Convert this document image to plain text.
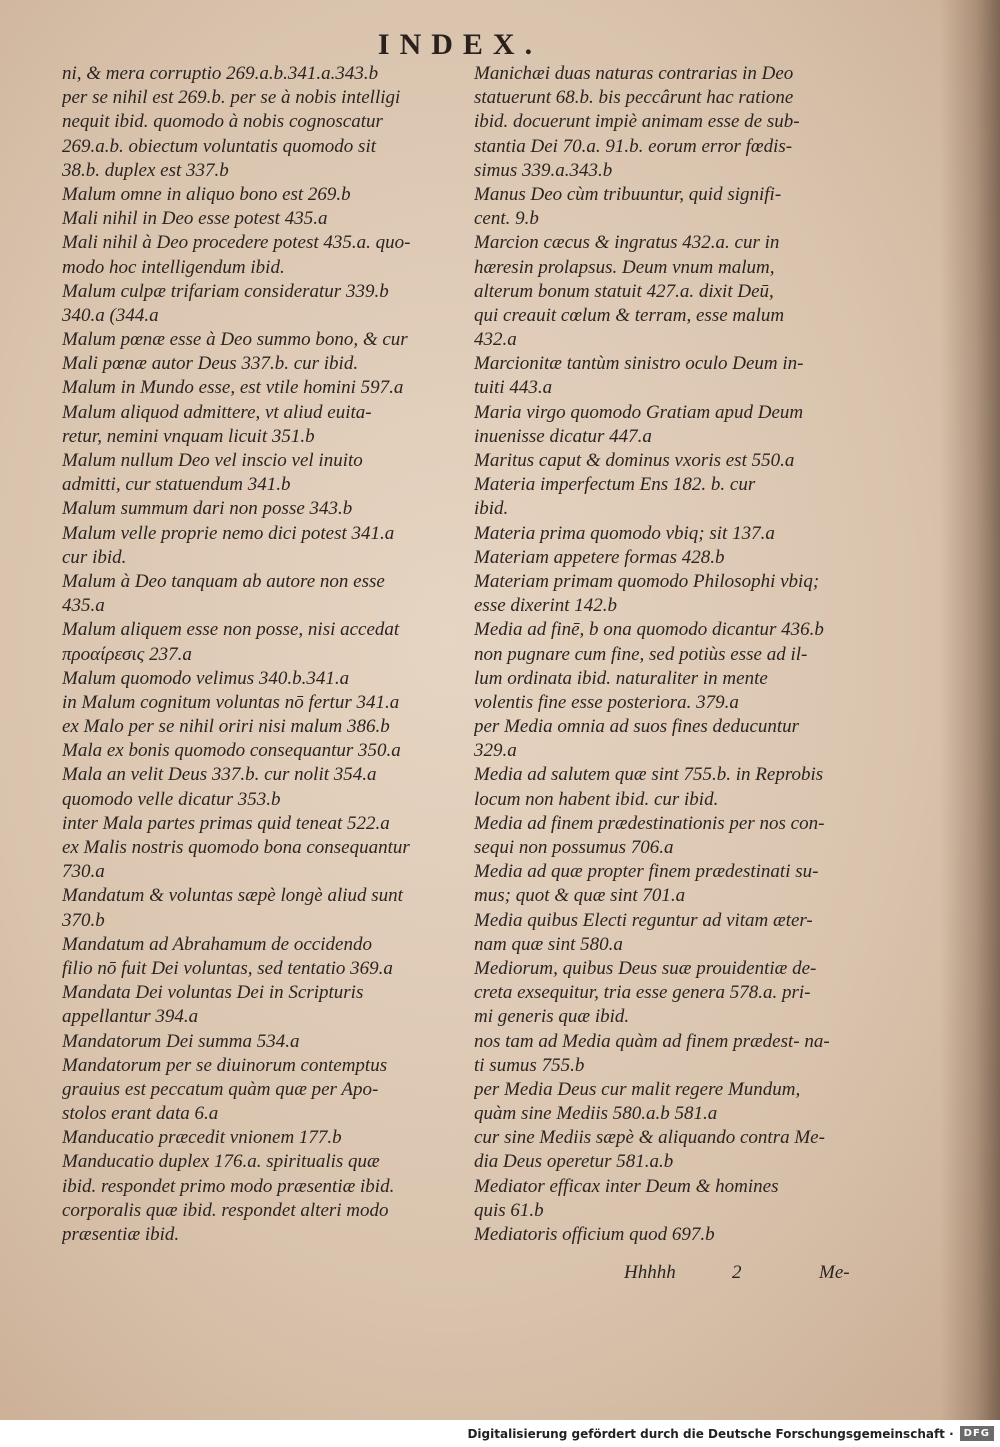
INDEX.
ni, & mera corruptio 269.a.b.341.a.343.b
per se nihil est 269.b. per se à nobis intelligi
nequit ibid. quomodo à nobis cognoscatur
269.a.b. obiectum voluntatis quomodo sit
38.b. duplex est 337.b
Malum omne in aliquo bono est 269.b
Mali nihil in Deo esse potest 435.a
Mali nihil à Deo procedere potest 435.a. quo-
modo hoc intelligendum ibid.
Malum culpæ trifariam consideratur 339.b
340.a (344.a
Malum pœnæ esse à Deo summo bono, & cur
Mali pœnæ autor Deus 337.b. cur ibid.
Malum in Mundo esse, est vtile homini 597.a
Malum aliquod admittere, vt aliud euita-
retur, nemini vnquam licuit 351.b
Malum nullum Deo vel inscio vel inuito
admitti, cur statuendum 341.b
Malum summum dari non posse 343.b
Malum velle proprie nemo dici potest 341.a
cur ibid.
Malum à Deo tanquam ab autore non esse
435.a
Malum aliquem esse non posse, nisi accedat
προαίρεσις 237.a
Malum quomodo velimus 340.b.341.a
in Malum cognitum voluntas nō fertur 341.a
ex Malo per se nihil oriri nisi malum 386.b
Mala ex bonis quomodo consequantur 350.a
Mala an velit Deus 337.b. cur nolit 354.a
quomodo velle dicatur 353.b
inter Mala partes primas quid teneat 522.a
ex Malis nostris quomodo bona consequantur
730.a
Mandatum & voluntas sæpè longè aliud sunt
370.b
Mandatum ad Abrahamum de occidendo
filio nō fuit Dei voluntas, sed tentatio 369.a
Mandata Dei voluntas Dei in Scripturis
appellantur 394.a
Mandatorum Dei summa 534.a
Mandatorum per se diuinorum contemptus
grauius est peccatum quàm quæ per Apo-
stolos erant data 6.a
Manducatio præcedit vnionem 177.b
Manducatio duplex 176.a. spiritualis quæ
ibid. respondet primo modo præsentiæ ibid.
corporalis quæ ibid. respondet alteri modo
præsentiæ ibid.
Manichæi duas naturas contrarias in Deo
statuerunt 68.b. bis peccârunt hac ratione
ibid. docuerunt impiè animam esse de sub-
stantia Dei 70.a. 91.b. eorum error fœdis-
simus 339.a.343.b
Manus Deo cùm tribuuntur, quid signifi-
cent. 9.b
Marcion cæcus & ingratus 432.a. cur in
hæresin prolapsus. Deum vnum malum,
alterum bonum statuit 427.a. dixit Deū,
qui creauit cœlum & terram, esse malum
432.a
Marcionitæ tantùm sinistro oculo Deum in-
tuiti 443.a
Maria virgo quomodo Gratiam apud Deum
inuenisse dicatur 447.a
Maritus caput & dominus vxoris est 550.a
Materia imperfectum Ens 182. b. cur
ibid.
Materia prima quomodo vbiq; sit 137.a
Materiam appetere formas 428.b
Materiam primam quomodo Philosophi vbiq;
esse dixerint 142.b
Media ad finē, b ona quomodo dicantur 436.b
non pugnare cum fine, sed potiùs esse ad il-
lum ordinata ibid. naturaliter in mente
volentis fine esse posteriora. 379.a
per Media omnia ad suos fines deducuntur
329.a
Media ad salutem quæ sint 755.b. in Reprobis
locum non habent ibid. cur ibid.
Media ad finem prædestinationis per nos con-
sequi non possumus 706.a
Media ad quæ propter finem prædestinati su-
mus; quot & quæ sint 701.a
Media quibus Electi reguntur ad vitam æter-
nam quæ sint 580.a
Mediorum, quibus Deus suæ prouidentiæ de-
creta exsequitur, tria esse genera 578.a. pri-
mi generis quæ ibid.
nos tam ad Media quàm ad finem prædest- na-
ti sumus 755.b
per Media Deus cur malit regere Mundum,
quàm sine Mediis 580.a.b 581.a
cur sine Mediis sæpè & aliquando contra Me-
dia Deus operetur 581.a.b
Mediator efficax inter Deum & homines
quis 61.b
Mediatoris officium quod 697.b
Hhhhh	2	Me-
Digitalisierung gefördert durch die Deutsche Forschungsgemeinschaft ·	DFG
